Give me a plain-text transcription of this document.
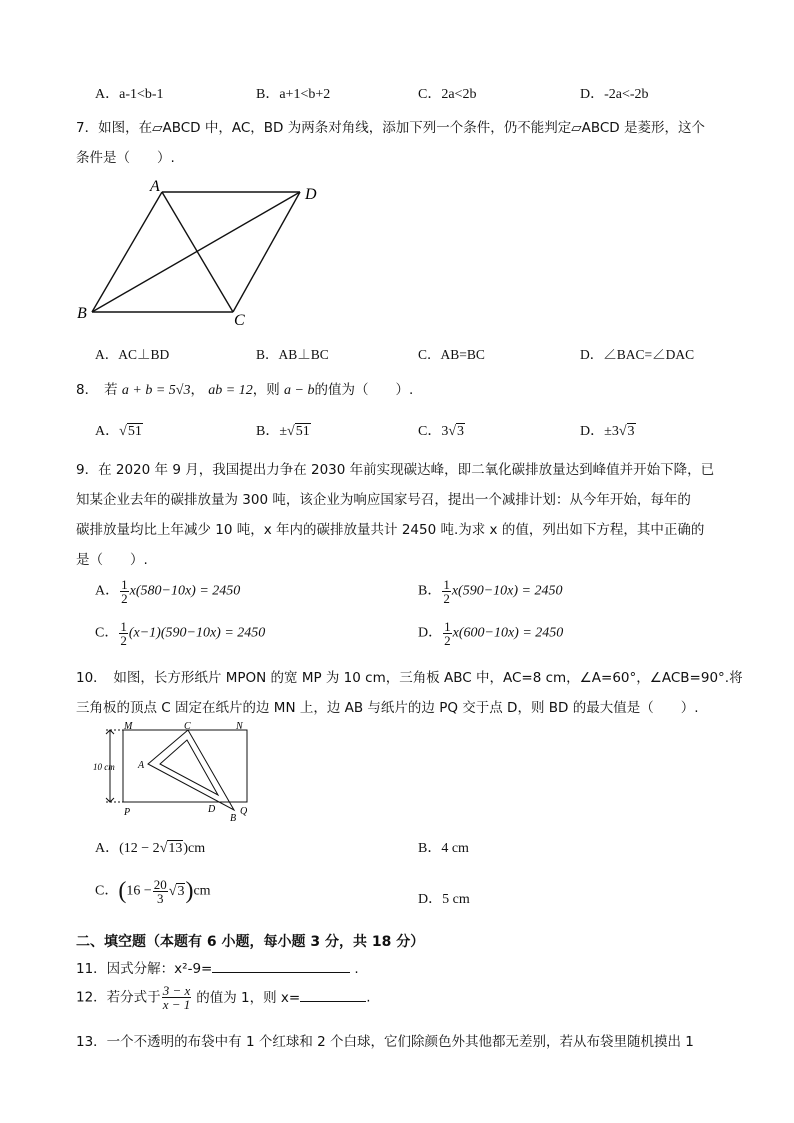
A．a-1<b-1	B．a+1<b+2	C．2a<2b	D．-2a<-2b
7．如图，在▱ABCD 中，AC，BD 为两条对角线，添加下列一个条件，仍不能判定▱ABCD 是菱形，这个
条件是（　　）.
A	D
B	C
A．AC⊥BD	B．AB⊥BC	C．AB=BC	D．∠BAC=∠DAC
8． 若 a + b = 5√3， ab = 12，则 a − b的值为（　　）.
A．√51	B．±√51	C．3√3	D．±3√3
9．在 2020 年 9 月，我国提出力争在 2030 年前实现碳达峰，即二氧化碳排放量达到峰值并开始下降，已
知某企业去年的碳排放量为 300 吨，该企业为响应国家号召，提出一个减排计划：从今年开始，每年的
碳排放量均比上年减少 10 吨，x 年内的碳排放量共计 2450 吨.为求 x 的值，列出如下方程，其中正确的
是（　　）.
A． $\frac{1}{2} x(580-10x) = 2450$	B． $\frac{1}{2} x(590-10x) = 2450$
C． $\frac{1}{2} (x-1)(590-10x) = 2450$	D． $\frac{1}{2} x(600-10x) = 2450$
10．　如图，长方形纸片 MPON 的宽 MP 为 10 cm，三角板 ABC 中，AC=8 cm，∠A=60°，∠ACB=90°.将
三角板的顶点 C 固定在纸片的边 MN 上，边 AB 与纸片的边 PQ 交于点 D，则 BD 的最大值是（　　）.
M	C	N
A
P	D Q
B
10 cm
A．(12 − 2√13)cm	B．4 cm
C．$(16 - \frac{20}{3} √3)cm$
D．5 cm
二、填空题（本题有 6 小题，每小题 3 分，共 18 分）
11．因式分解：x²-9=	.
12．若分式于 $\frac{3 - x}{x - 1}$ 的值为 1，则 x=	.
13．一个不透明的布袋中有 1 个红球和 2 个白球，它们除颜色外其他都无差别，若从布袋里随机摸出 1
